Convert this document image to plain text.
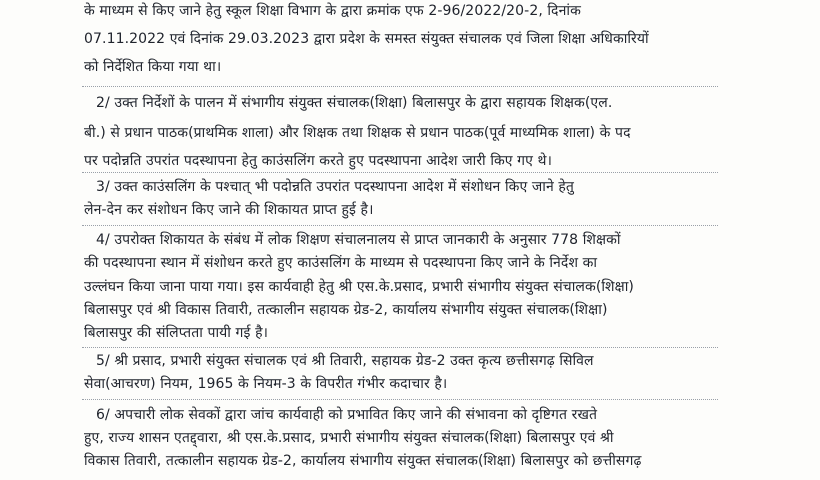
के माध्यम से किए जाने हेतु स्कूल शिक्षा विभाग के द्वारा क्रमांक एफ 2-96/2022/20-2, दिनांक
07.11.2022 एवं दिनांक 29.03.2023 द्वारा प्रदेश के समस्त संयुक्त संचालक एवं जिला शिक्षा अधिकारियों
को निर्देशित किया गया था।
2/ उक्त निर्देशों के पालन में संभागीय संयुक्त संचालक(शिक्षा) बिलासपुर के द्वारा सहायक शिक्षक(एल.
बी.) से प्रधान पाठक(प्राथमिक शाला) और शिक्षक तथा शिक्षक से प्रधान पाठक(पूर्व माध्यमिक शाला) के पद
पर पदोन्नति उपरांत पदस्थापना हेतु काउंसलिंग करते हुए पदस्थापना आदेश जारी किए गए थे।
3/ उक्त काउंसलिंग के पश्चात् भी पदोन्नति उपरांत पदस्थापना आदेश में संशोधन किए जाने हेतु
लेन-देन कर संशोधन किए जाने की शिकायत प्राप्त हुई है।
4/ उपरोक्त शिकायत के संबंध में लोक शिक्षण संचालनालय से प्राप्त जानकारी के अनुसार 778 शिक्षकों
की पदस्थापना स्थान में संशोधन करते हुए काउंसलिंग के माध्यम से पदस्थापना किए जाने के निर्देश का
उल्लंघन किया जाना पाया गया। इस कार्यवाही हेतु श्री एस.के.प्रसाद, प्रभारी संभागीय संयुक्त संचालक(शिक्षा)
बिलासपुर एवं श्री विकास तिवारी, तत्कालीन सहायक ग्रेड-2, कार्यालय संभागीय संयुक्त संचालक(शिक्षा)
बिलासपुर की संलिप्तता पायी गई है।
5/ श्री प्रसाद, प्रभारी संयुक्त संचालक एवं श्री तिवारी, सहायक ग्रेड-2 उक्त कृत्य छत्तीसगढ़ सिविल
सेवा(आचरण) नियम, 1965 के नियम-3 के विपरीत गंभीर कदाचार है।
6/ अपचारी लोक सेवकों द्वारा जांच कार्यवाही को प्रभावित किए जाने की संभावना को दृष्टिगत रखते
हुए, राज्य शासन एतद्द्वारा, श्री एस.के.प्रसाद, प्रभारी संभागीय संयुक्त संचालक(शिक्षा) बिलासपुर एवं श्री
विकास तिवारी, तत्कालीन सहायक ग्रेड-2, कार्यालय संभागीय संयुक्त संचालक(शिक्षा) बिलासपुर को छत्तीसगढ़
